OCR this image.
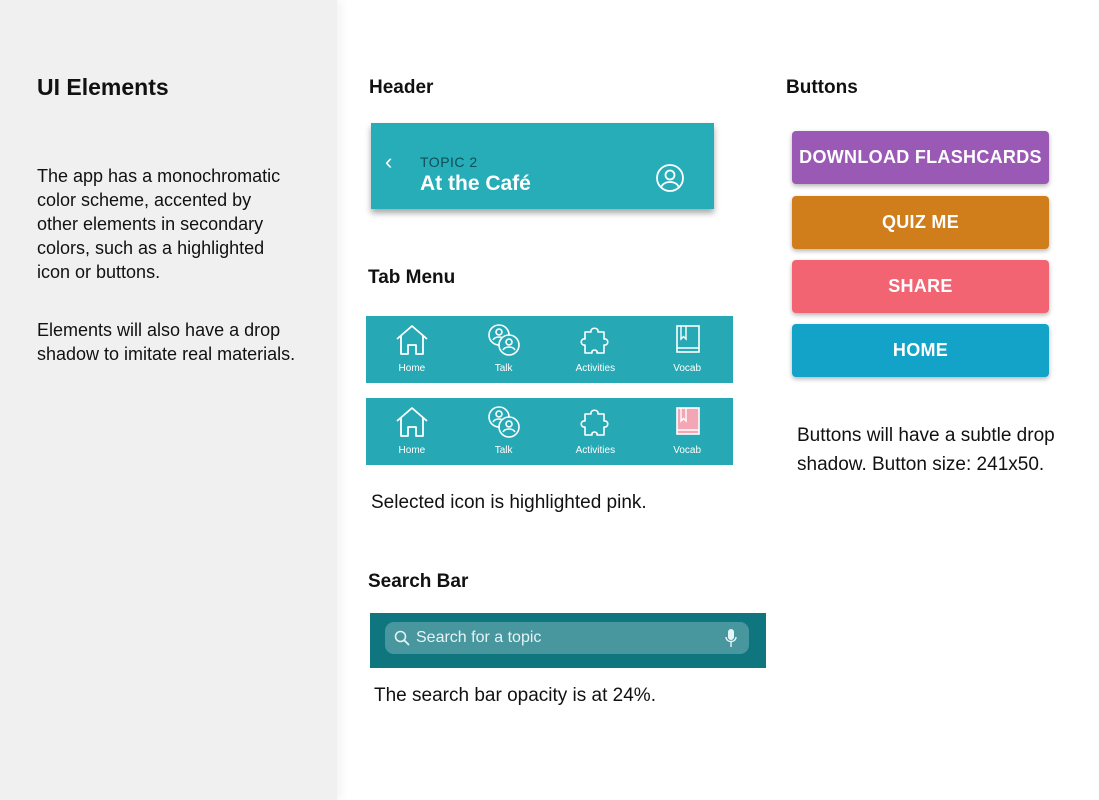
UI Elements

The app has a monochromatic color scheme, accented by other elements in secondary colors, such as a highlighted icon or buttons.

Elements will also have a drop shadow to imitate real materials.

Header
‹ TOPIC 2
At the Café
Tab Menu
Home	Talk	Activities	Vocab
Home	Talk	Activities	Vocab

Selected icon is highlighted pink.

Search Bar
Search for a topic

The search bar opacity is at 24%.

Buttons
DOWNLOAD FLASHCARDS
QUIZ ME
SHARE
HOME

Buttons will have a subtle drop shadow. Button size: 241x50.
